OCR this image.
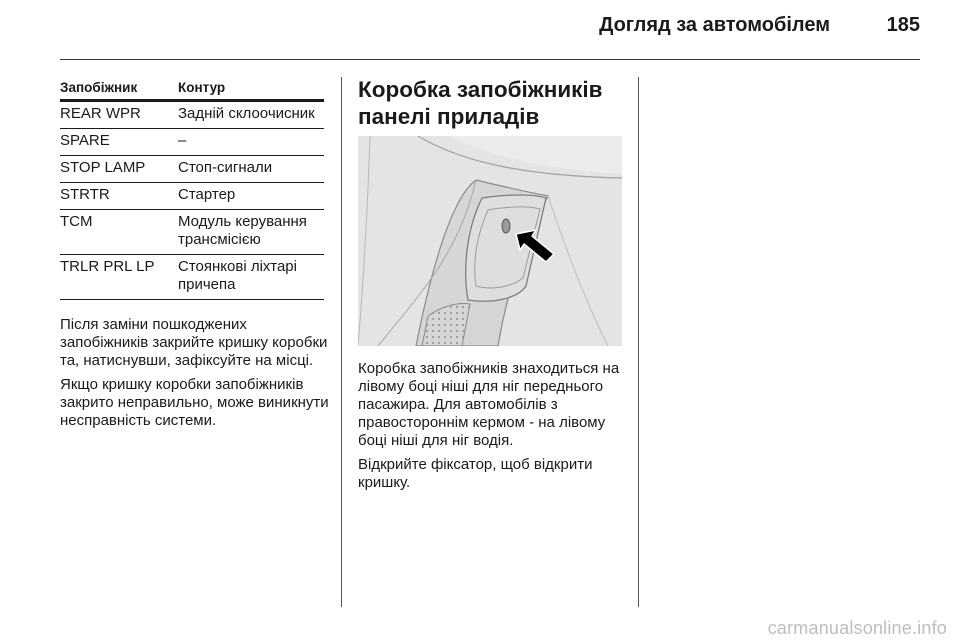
Догляд за автомобілем	185
Запобіжник	Контур
REAR WPR	Задній склоочисник
SPARE	–
STOP LAMP	Стоп-сигнали
STRTR	Стартер
TCM	Модуль керування трансмісією
TRLR PRL LP	Стоянкові ліхтарі причепа

Після заміни пошкоджених запобіжників закрийте кришку коробки та, натиснувши, зафіксуйте на місці.

Якщо кришку коробки запобіжників закрито неправильно, може виникнути несправність системи.

Коробка запобіжників панелі приладів

Коробка запобіжників знаходиться на лівому боці ніші для ніг переднього пасажира. Для автомобілів з правостороннім кермом - на лівому боці ніші для ніг водія.

Відкрийте фіксатор, щоб відкрити кришку.

carmanualsonline.info
